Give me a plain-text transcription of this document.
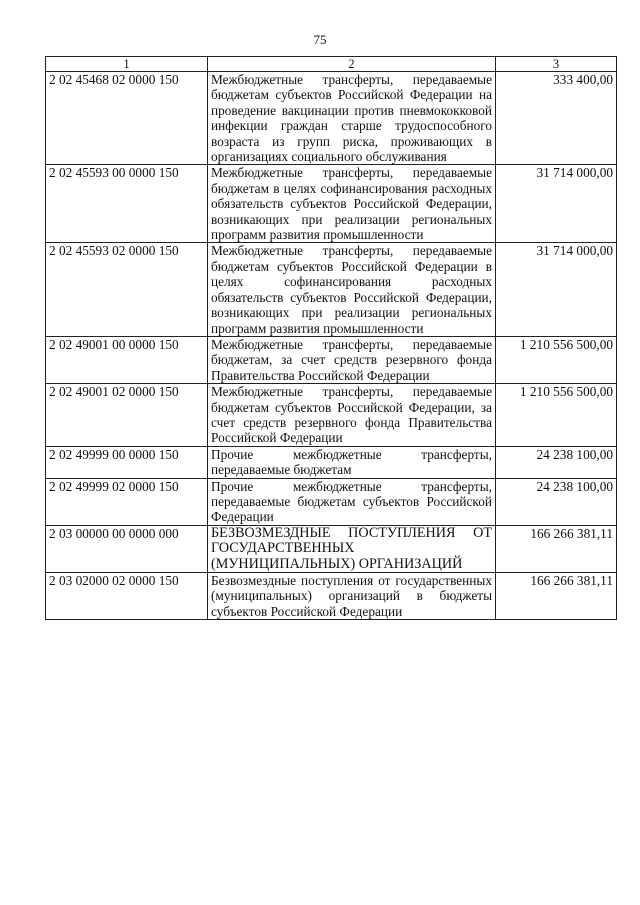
75
1	2	3
2 02 45468 02 0000 150	Межбюджетные трансферты, передаваемые бюджетам субъектов Российской Федерации на проведение вакцинации против пневмококковой инфекции граждан старше трудоспособного возраста из групп риска, проживающих в организациях социального обслуживания	333 400,00
2 02 45593 00 0000 150	Межбюджетные трансферты, передаваемые бюджетам в целях софинансирования расходных обязательств субъектов Российской Федерации, возникающих при реализации региональных программ развития промышленности	31 714 000,00
2 02 45593 02 0000 150	Межбюджетные трансферты, передаваемые бюджетам субъектов Российской Федерации в целях софинансирования расходных обязательств субъектов Российской Федерации, возникающих при реализации региональных программ развития промышленности	31 714 000,00
2 02 49001 00 0000 150	Межбюджетные трансферты, передаваемые бюджетам, за счет средств резервного фонда Правительства Российской Федерации	1 210 556 500,00
2 02 49001 02 0000 150	Межбюджетные трансферты, передаваемые бюджетам субъектов Российской Федерации, за счет средств резервного фонда Правительства Российской Федерации	1 210 556 500,00
2 02 49999 00 0000 150	Прочие межбюджетные трансферты, передаваемые бюджетам	24 238 100,00
2 02 49999 02 0000 150	Прочие межбюджетные трансферты, передаваемые бюджетам субъектов Российской Федерации	24 238 100,00
2 03 00000 00 0000 000	БЕЗВОЗМЕЗДНЫЕ ПОСТУПЛЕНИЯ ОТ ГОСУДАРСТВЕННЫХ (МУНИЦИПАЛЬНЫХ) ОРГАНИЗАЦИЙ	166 266 381,11
2 03 02000 02 0000 150	Безвозмездные поступления от государственных (муниципальных) организаций в бюджеты субъектов Российской Федерации	166 266 381,11
